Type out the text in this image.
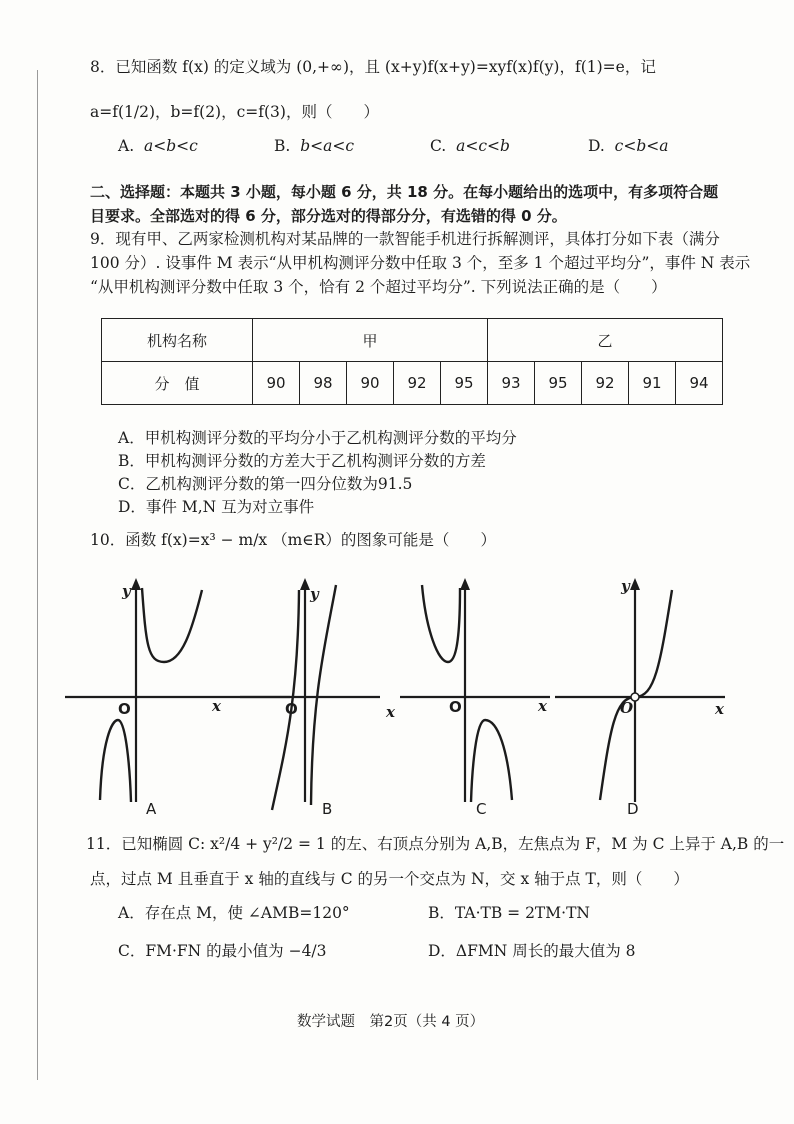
8．已知函数 f(x) 的定义域为 (0,+∞)，且 (x+y)f(x+y)=xyf(x)f(y)，f(1)=e，记
a=f(1/2)，b=f(2)，c=f(3)，则（　　）
A. a<b<c	B. b<a<c	C. a<c<b	D. c<b<a
二、选择题：本题共 3 小题，每小题 6 分，共 18 分。在每小题给出的选项中，有多项符合题
目要求。全部选对的得 6 分，部分选对的得部分分，有选错的得 0 分。
9．现有甲、乙两家检测机构对某品牌的一款智能手机进行拆解测评，具体打分如下表（满分
100 分）. 设事件 M 表示“从甲机构测评分数中任取 3 个，至多 1 个超过平均分”，事件 N 表示
“从甲机构测评分数中任取 3 个，恰有 2 个超过平均分”. 下列说法正确的是（　　）
机构名称	甲					乙				
分　值	90	98	90	92	95	93	95	92	91	94
A．甲机构测评分数的平均分小于乙机构测评分数的平均分
B．甲机构测评分数的方差大于乙机构测评分数的方差
C．乙机构测评分数的第一四分位数为91.5
D．事件 M,N 互为对立事件
10．函数 f(x)=x³ − m/x （m∈R）的图象可能是（　　）
y
O	x
A
y
O	x
B
O	x
C
y
O	x
D
11．已知椭圆 C: x²/4 + y²/2 = 1 的左、右顶点分别为 A,B，左焦点为 F，M 为 C 上异于 A,B 的一
点，过点 M 且垂直于 x 轴的直线与 C 的另一个交点为 N，交 x 轴于点 T，则（　　）
A．存在点 M，使 ∠AMB=120°	B．TA·TB = 2TM·TN
C．FM·FN 的最小值为 −4/3	D．ΔFMN 周长的最大值为 8
数学试题　第2页（共 4 页）
